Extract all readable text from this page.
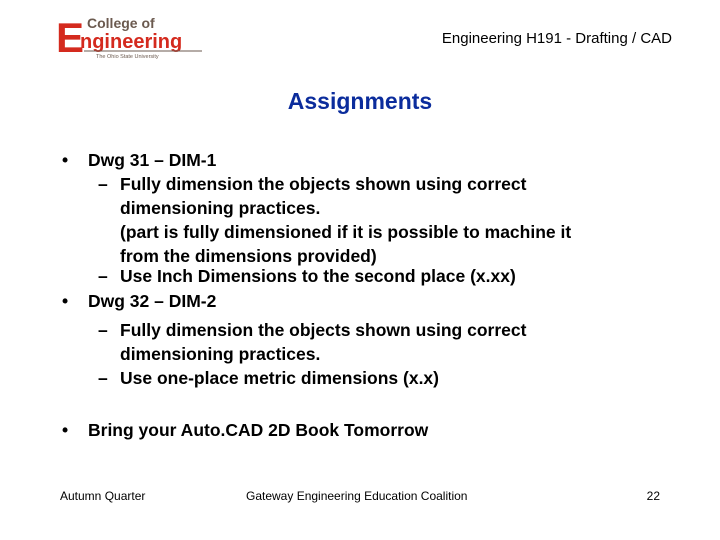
E College of
ngineering
The Ohio State University
Engineering H191 - Drafting / CAD
Assignments
• Dwg 31 – DIM-1
– Fully dimension the objects shown using correct
dimensioning practices.
(part is fully dimensioned if it is possible to machine it
from the dimensions provided)
– Use Inch Dimensions to the second place (x.xx)
• Dwg 32 – DIM-2
– Fully dimension the objects shown using correct
dimensioning practices.
– Use one-place metric dimensions (x.x)
• Bring your Auto.CAD 2D Book Tomorrow
Autumn Quarter	Gateway Engineering Education Coalition	22
